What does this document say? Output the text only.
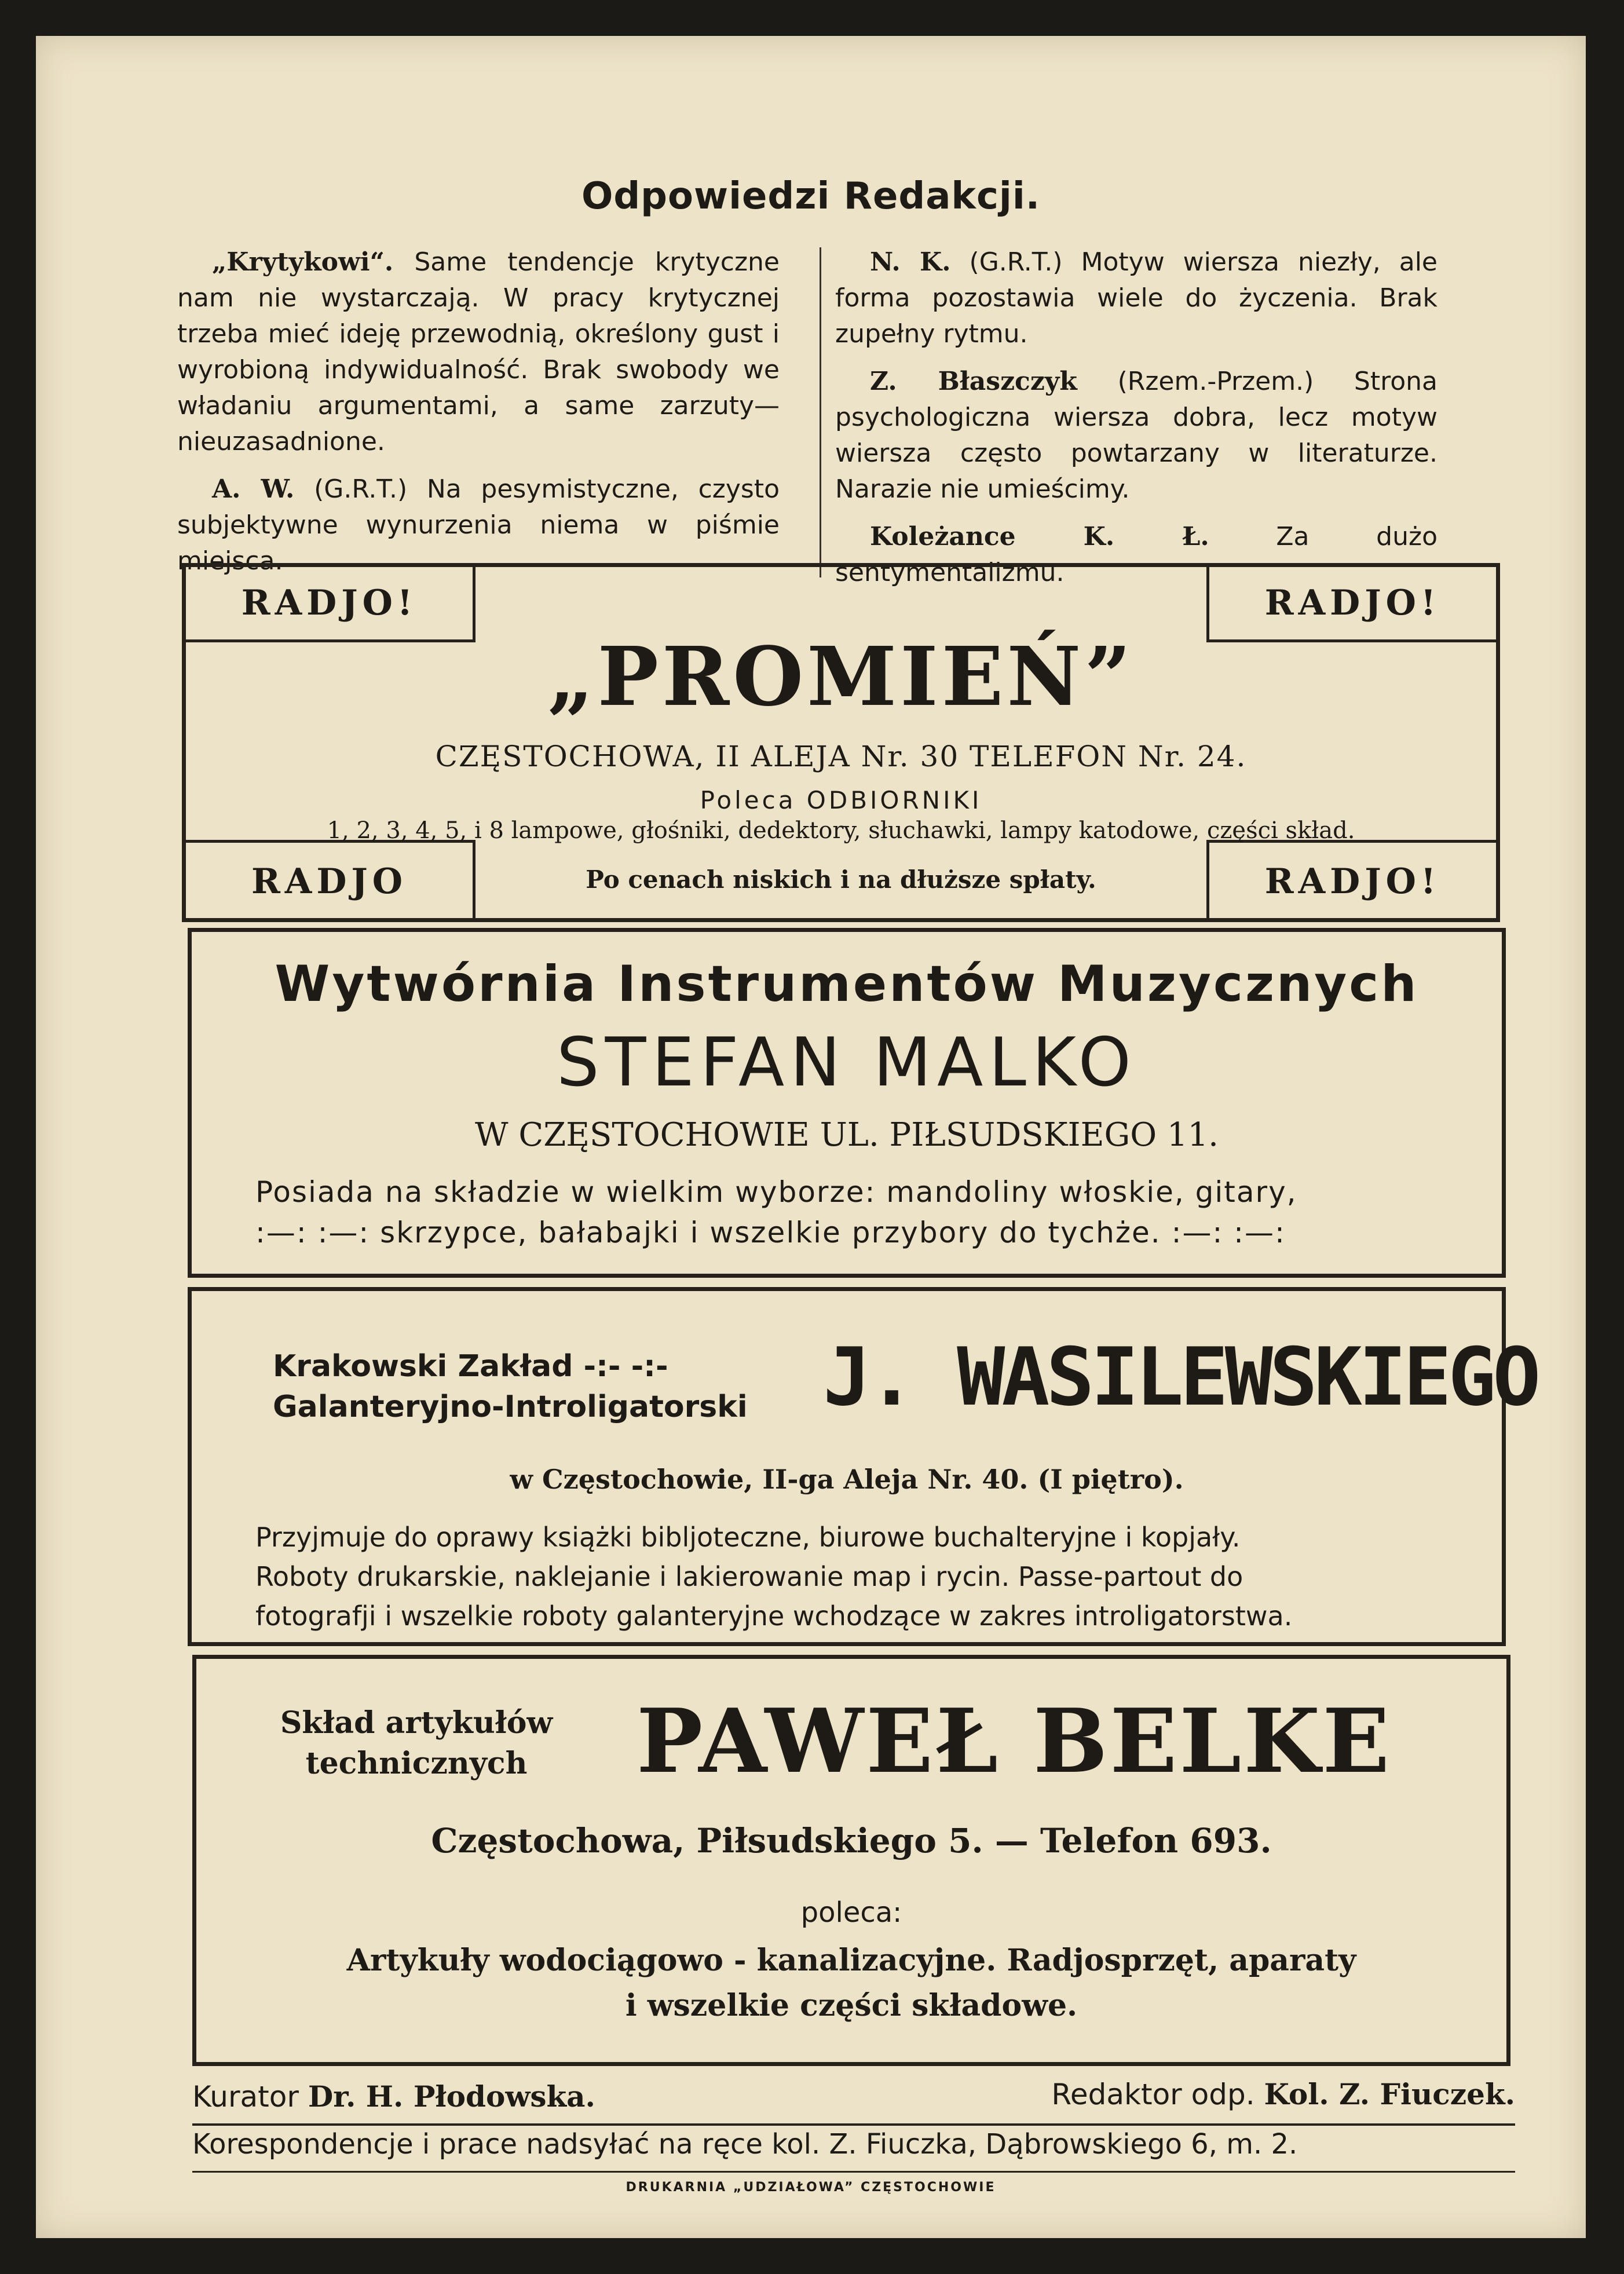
Odpowiedzi Redakcji.

„Krytykowi“. Same tendencje krytyczne nam nie wystarczają. W pracy krytycznej trzeba mieć ideję przewodnią, określony gust i wyrobioną indywidualność. Brak swobody we władaniu argumentami, a same zarzuty—nieuzasadnione.

A. W. (G.R.T.) Na pesymistyczne, czysto subjektywne wynurzenia niema w piśmie miejsca.

N. K. (G.R.T.) Motyw wiersza niezły, ale forma pozostawia wiele do życzenia. Brak zupełny rytmu.

Z. Błaszczyk (Rzem.-Przem.) Strona psychologiczna wiersza dobra, lecz motyw wiersza często powtarzany w literaturze. Narazie nie umieścimy.

Koleżance K. Ł. Za dużo sentymentalizmu.

RADJO!	RADJO!
RADJO	RADJO!
„PROMIEŃ”
CZĘSTOCHOWA, II ALEJA Nr. 30 TELEFON Nr. 24.
Poleca ODBIORNIKI
1, 2, 3, 4, 5, i 8 lampowe, głośniki, dedektory, słuchawki, lampy katodowe, części skład.
Po cenach niskich i na dłuższe spłaty.
Wytwórnia Instrumentów Muzycznych
STEFAN MALKO
W CZĘSTOCHOWIE UL. PIŁSUDSKIEGO 11.
Posiada na składzie w wielkim wyborze: mandoliny włoskie, gitary,
:—: :—: skrzypce, bałabajki i wszelkie przybory do tychże. :—: :—:
Krakowski Zakład -:- -:-
Galanteryjno-Introligatorski J. WASILEWSKIEGO
w Częstochowie, II-ga Aleja Nr. 40. (I piętro).
Przyjmuje do oprawy książki bibljoteczne, biurowe buchalteryjne i kopjały.
Roboty drukarskie, naklejanie i lakierowanie map i rycin. Passe-partout do
fotografji i wszelkie roboty galanteryjne wchodzące w zakres introligatorstwa.
Skład artykułów
technicznych	PAWEŁ BELKE
Częstochowa, Piłsudskiego 5. — Telefon 693.
poleca:
Artykuły wodociągowo - kanalizacyjne. Radjosprzęt, aparaty
i wszelkie części składowe.
Kurator Dr. H. Płodowska.	Redaktor odp. Kol. Z. Fiuczek.
Korespondencje i prace nadsyłać na ręce kol. Z. Fiuczka, Dąbrowskiego 6, m. 2.
DRUKARNIA „UDZIAŁOWA” CZĘSTOCHOWIE
